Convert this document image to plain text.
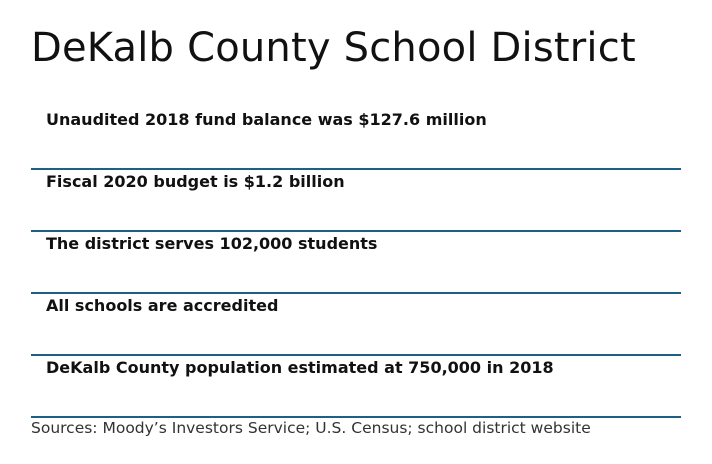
DeKalb County School District
Unaudited 2018 fund balance was $127.6 million
Fiscal 2020 budget is $1.2 billion
The district serves 102,000 students
All schools are accredited
DeKalb County population estimated at 750,000 in 2018
Sources: Moody’s Investors Service; U.S. Census; school district website
